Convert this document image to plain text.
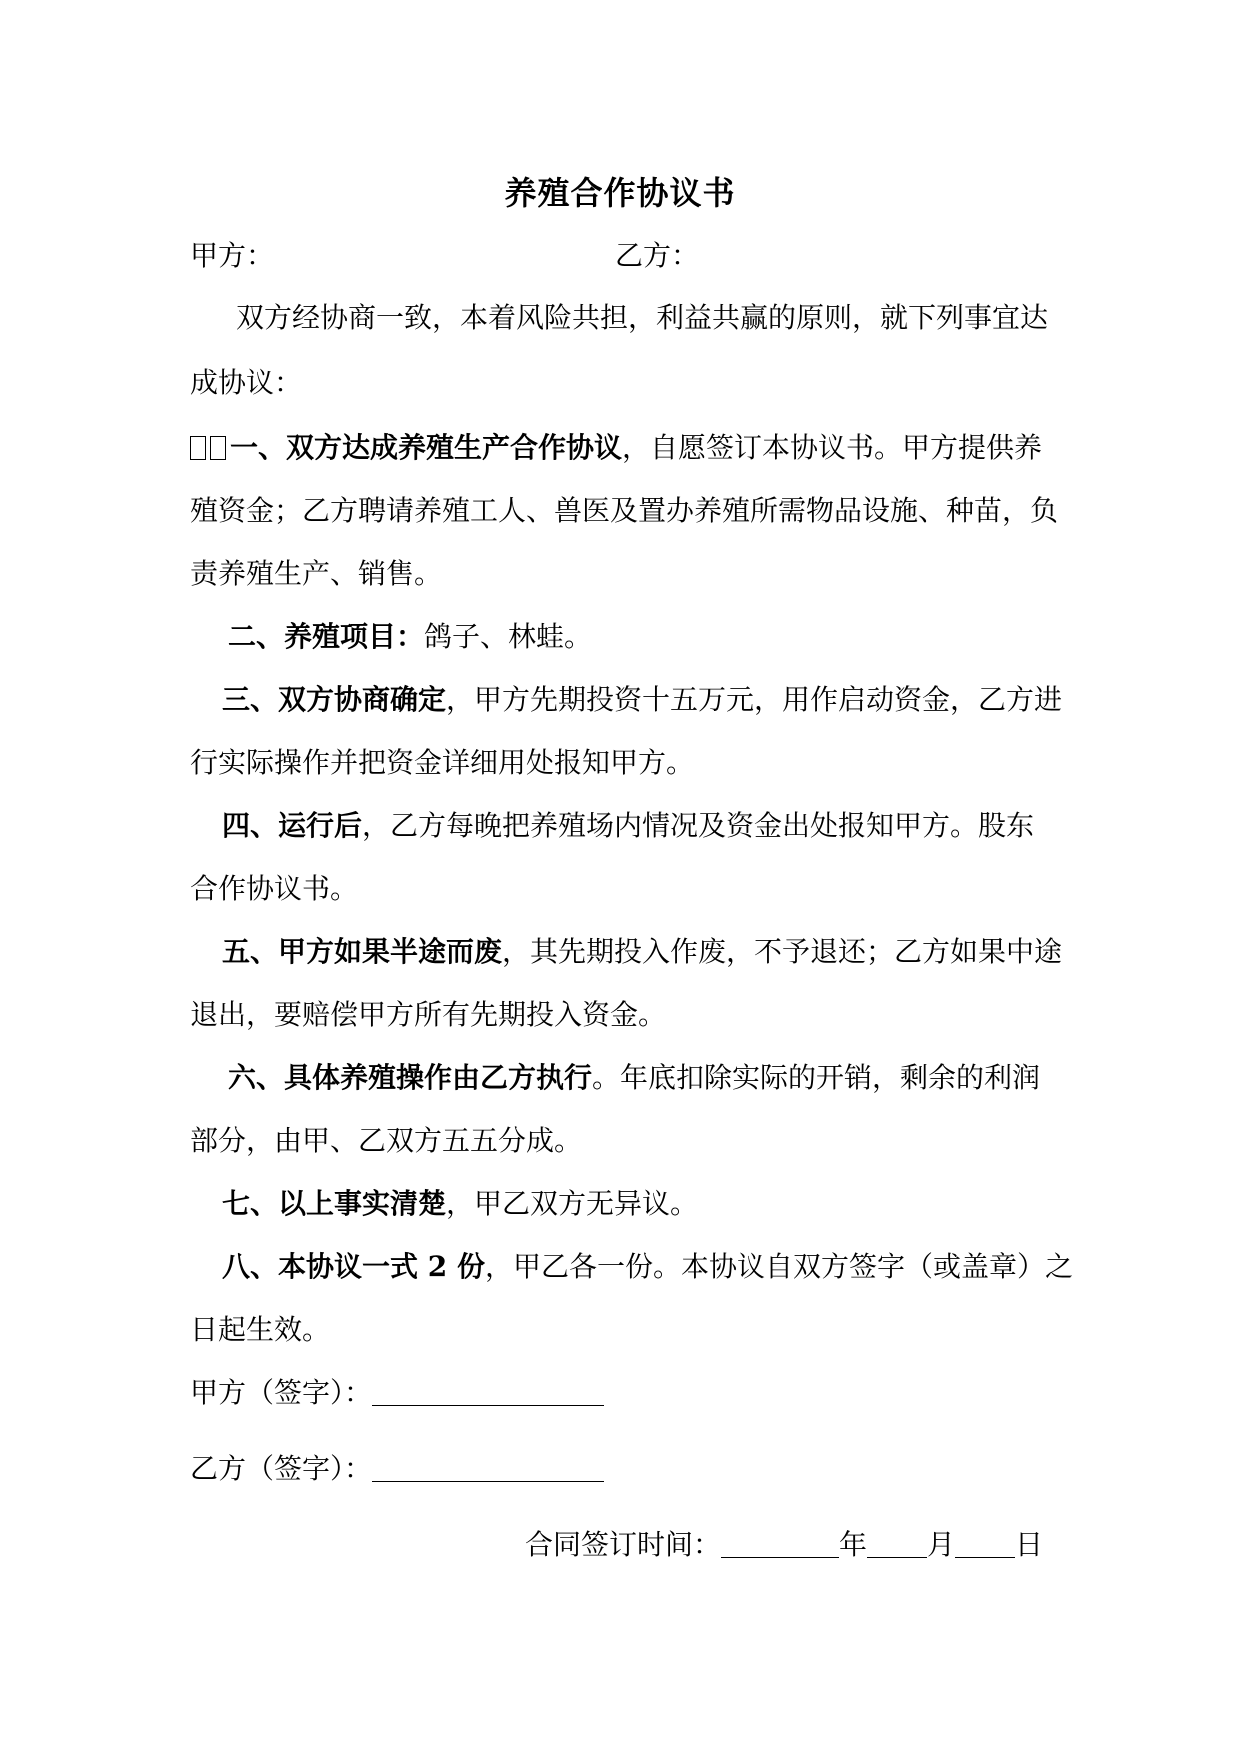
养殖合作协议书
甲方：	乙方：
双方经协商一致，本着风险共担，利益共赢的原则，就下列事宜达
成协议：
一、双方达成养殖生产合作协议，自愿签订本协议书。甲方提供养
殖资金；乙方聘请养殖工人、兽医及置办养殖所需物品设施、种苗，负
责养殖生产、销售。
二、养殖项目：鸽子、林蛙。
三、双方协商确定，甲方先期投资十五万元，用作启动资金，乙方进
行实际操作并把资金详细用处报知甲方。
四、运行后，乙方每晚把养殖场内情况及资金出处报知甲方。股东
合作协议书。
五、甲方如果半途而废，其先期投入作废，不予退还；乙方如果中途
退出，要赔偿甲方所有先期投入资金。
六、具体养殖操作由乙方执行。年底扣除实际的开销，剩余的利润
部分，由甲、乙双方五五分成。
七、以上事实清楚，甲乙双方无异议。
八、本协议一式 2 份，甲乙各一份。本协议自双方签字（或盖章）之
日起生效。
甲方（签字）：
乙方（签字）：
合同签订时间：	年 月 日
